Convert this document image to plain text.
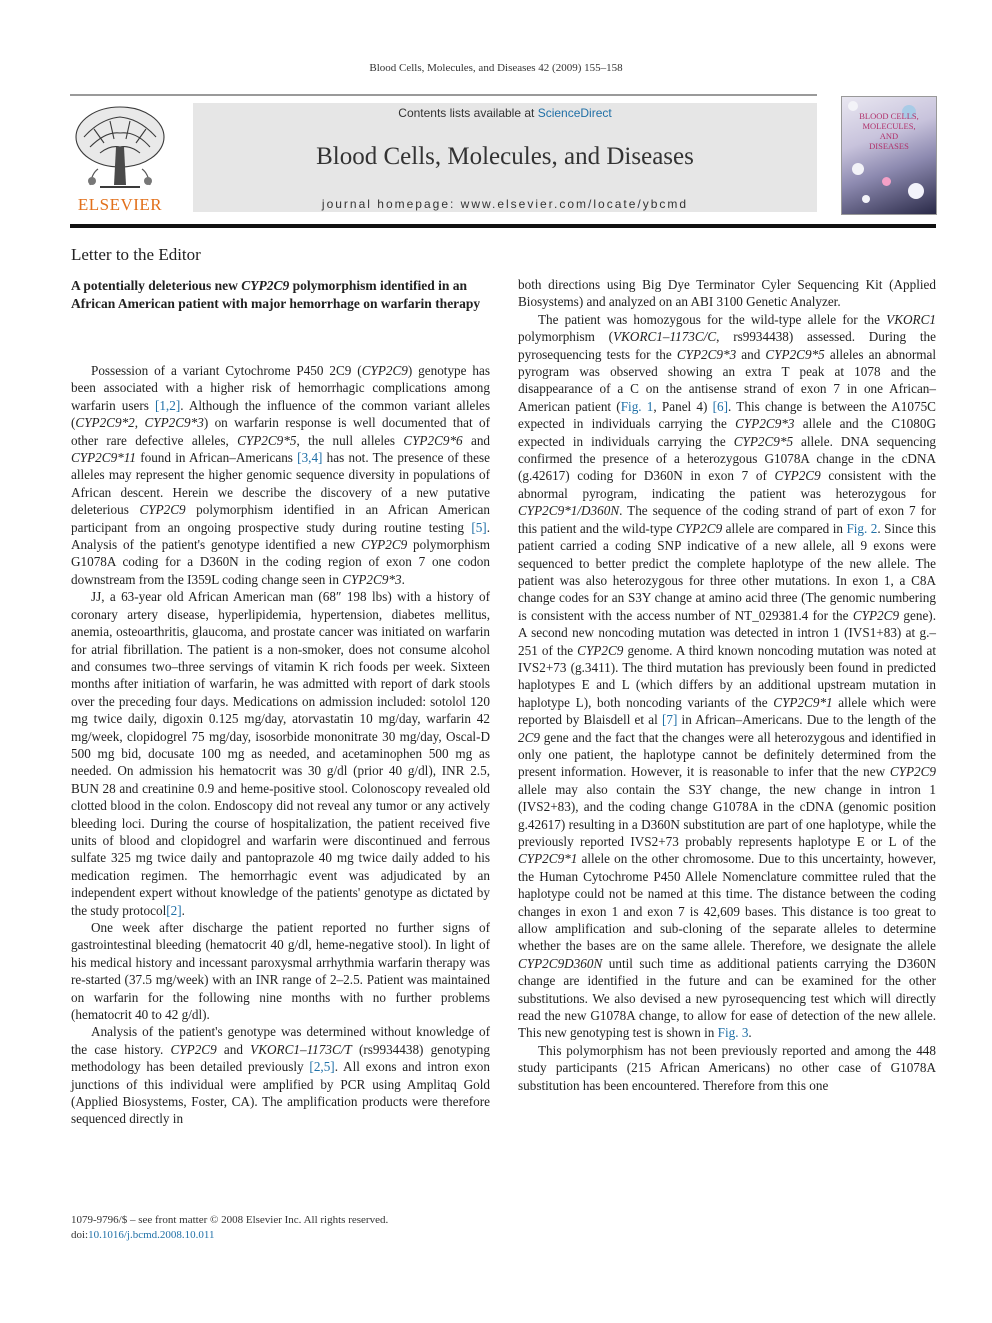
Blood Cells, Molecules, and Diseases 42 (2009) 155–158
ELSEVIER
Contents lists available at ScienceDirect
Blood Cells, Molecules, and Diseases
journal homepage: www.elsevier.com/locate/ybcmd
BLOOD CELLS,
MOLECULES,
AND
DISEASES
Letter to the Editor
A potentially deleterious new CYP2C9 polymorphism identified in an African American patient with major hemorrhage on warfarin therapy

Possession of a variant Cytochrome P450 2C9 (CYP2C9) genotype has been associated with a higher risk of hemorrhagic complications among warfarin users [1,2]. Although the influence of the common variant alleles (CYP2C9*2, CYP2C9*3) on warfarin response is well documented that of other rare defective alleles, CYP2C9*5, the null alleles CYP2C9*6 and CYP2C9*11 found in African–Americans [3,4] has not. The presence of these alleles may represent the higher genomic sequence diversity in populations of African descent. Herein we describe the discovery of a new putative deleterious CYP2C9 polymorphism identified in an African American participant from an ongoing prospective study during routine testing [5]. Analysis of the patient's genotype identified a new CYP2C9 polymorphism G1078A coding for a D360N in the coding region of exon 7 one codon downstream from the I359L coding change seen in CYP2C9*3.

JJ, a 63-year old African American man (68″ 198 lbs) with a history of coronary artery disease, hyperlipidemia, hypertension, diabetes mellitus, anemia, osteoarthritis, glaucoma, and prostate cancer was initiated on warfarin for atrial fibrillation. The patient is a non-smoker, does not consume alcohol and consumes two–three servings of vitamin K rich foods per week. Sixteen months after initiation of warfarin, he was admitted with report of dark stools over the preceding four days. Medications on admission included: sotolol 120 mg twice daily, digoxin 0.125 mg/day, atorvastatin 10 mg/day, warfarin 42 mg/week, clopidogrel 75 mg/day, isosorbide mononitrate 30 mg/day, Oscal-D 500 mg bid, docusate 100 mg as needed, and acetaminophen 500 mg as needed. On admission his hematocrit was 30 g/dl (prior 40 g/dl), INR 2.5, BUN 28 and creatinine 0.9 and heme-positive stool. Colonoscopy revealed old clotted blood in the colon. Endoscopy did not reveal any tumor or any actively bleeding loci. During the course of hospitalization, the patient received five units of blood and clopidogrel and warfarin were discontinued and ferrous sulfate 325 mg twice daily and pantoprazole 40 mg twice daily added to his medication regimen. The hemorrhagic event was adjudicated by an independent expert without knowledge of the patients' genotype as dictated by the study protocol[2].

One week after discharge the patient reported no further signs of gastrointestinal bleeding (hematocrit 40 g/dl, heme-negative stool). In light of his medical history and incessant paroxysmal arrhythmia warfarin therapy was re-started (37.5 mg/week) with an INR range of 2–2.5. Patient was maintained on warfarin for the following nine months with no further problems (hematocrit 40 to 42 g/dl).

Analysis of the patient's genotype was determined without knowledge of the case history. CYP2C9 and VKORC1–1173C/T (rs9934438) genotyping methodology has been detailed previously [2,5]. All exons and intron exon junctions of this individual were amplified by PCR using Amplitaq Gold (Applied Biosystems, Foster, CA). The amplification products were therefore sequenced directly in

both directions using Big Dye Terminator Cyler Sequencing Kit (Applied Biosystems) and analyzed on an ABI 3100 Genetic Analyzer.

The patient was homozygous for the wild-type allele for the VKORC1 polymorphism (VKORC1–1173C/C, rs9934438) assessed. During the pyrosequencing tests for the CYP2C9*3 and CYP2C9*5 alleles an abnormal pyrogram was observed showing an extra T peak at 1078 and the disappearance of a C on the antisense strand of exon 7 in one African–American patient (Fig. 1, Panel 4) [6]. This change is between the A1075C expected in individuals carrying the CYP2C9*3 allele and the C1080G expected in individuals carrying the CYP2C9*5 allele. DNA sequencing confirmed the presence of a heterozygous G1078A change in the cDNA (g.42617) coding for D360N in exon 7 of CYP2C9 consistent with the abnormal pyrogram, indicating the patient was heterozygous for CYP2C9*1/D360N. The sequence of the coding strand of part of exon 7 for this patient and the wild-type CYP2C9 allele are compared in Fig. 2. Since this patient carried a coding SNP indicative of a new allele, all 9 exons were sequenced to better predict the complete haplotype of the new allele. The patient was also heterozygous for three other mutations. In exon 1, a C8A change codes for an S3Y change at amino acid three (The genomic numbering is consistent with the access number of NT_029381.4 for the CYP2C9 gene). A second new noncoding mutation was detected in intron 1 (IVS1+83) at g.–251 of the CYP2C9 genome. A third known noncoding mutation was noted at IVS2+73 (g.3411). The third mutation has previously been found in predicted haplotypes E and L (which differs by an additional upstream mutation in haplotype L), both noncoding variants of the CYP2C9*1 allele which were reported by Blaisdell et al [7] in African–Americans. Due to the length of the 2C9 gene and the fact that the changes were all heterozygous and identified in only one patient, the haplotype cannot be definitely determined from the present information. However, it is reasonable to infer that the new CYP2C9 allele may also contain the S3Y change, the new change in intron 1 (IVS2+83), and the coding change G1078A in the cDNA (genomic position g.42617) resulting in a D360N substitution are part of one haplotype, while the previously reported IVS2+73 probably represents haplotype E or L of the CYP2C9*1 allele on the other chromosome. Due to this uncertainty, however, the Human Cytochrome P450 Allele Nomenclature committee ruled that the haplotype could not be named at this time. The distance between the coding changes in exon 1 and exon 7 is 42,609 bases. This distance is too great to allow amplification and sub-cloning of the separate alleles to determine whether the bases are on the same allele. Therefore, we designate the allele CYP2C9D360N until such time as additional patients carrying the D360N change are identified in the future and can be examined for the other substitutions. We also devised a new pyrosequencing test which will directly read the new G1078A change, to allow for ease of detection of the new allele. This new genotyping test is shown in Fig. 3.

This polymorphism has not been previously reported and among the 448 study participants (215 African Americans) no other case of G1078A substitution has been encountered. Therefore from this one

1079-9796/$ – see front matter © 2008 Elsevier Inc. All rights reserved.
doi:10.1016/j.bcmd.2008.10.011
